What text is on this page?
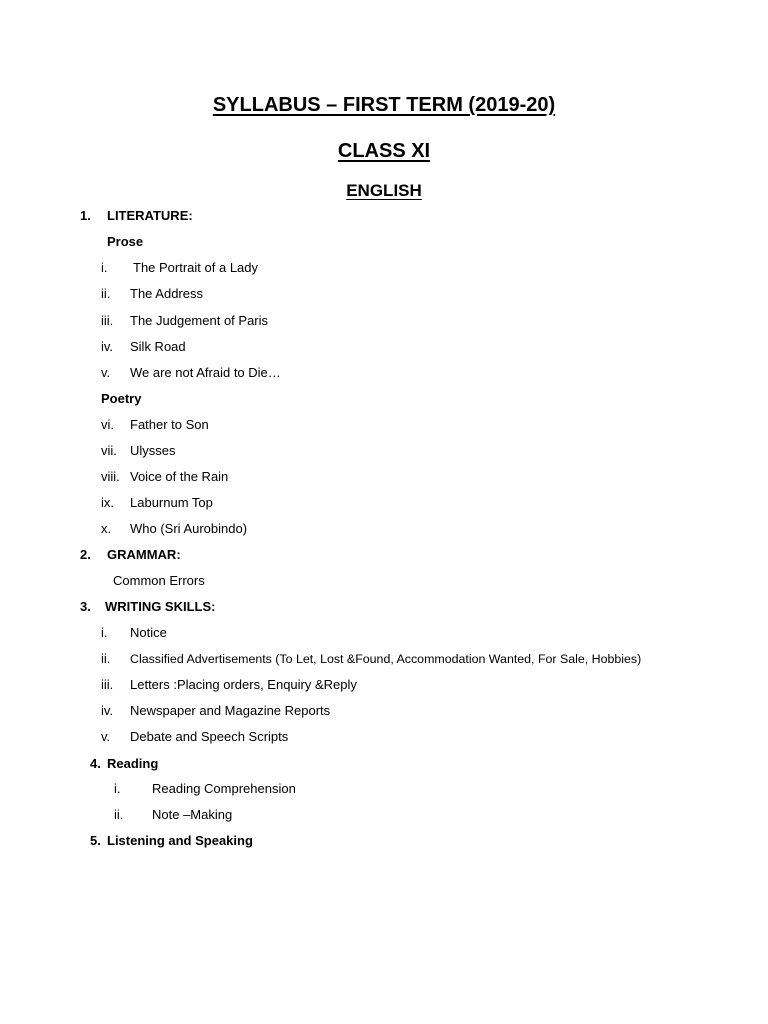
SYLLABUS – FIRST TERM (2019-20)
CLASS XI
ENGLISH
1. LITERATURE:
Prose
i. The Portrait of a Lady
ii. The Address
iii. The Judgement of Paris
iv. Silk Road
v. We are not Afraid to Die…
Poetry
vi. Father to Son
vii. Ulysses
viii. Voice of the Rain
ix. Laburnum Top
x. Who (Sri Aurobindo)
2. GRAMMAR:
Common Errors
3. WRITING SKILLS:
i. Notice
ii. Classified Advertisements (To Let, Lost &Found, Accommodation Wanted, For Sale, Hobbies)
iii. Letters :Placing orders, Enquiry &Reply
iv. Newspaper and Magazine Reports
v. Debate and Speech Scripts
4. Reading
i. Reading Comprehension
ii. Note –Making
5. Listening and Speaking
